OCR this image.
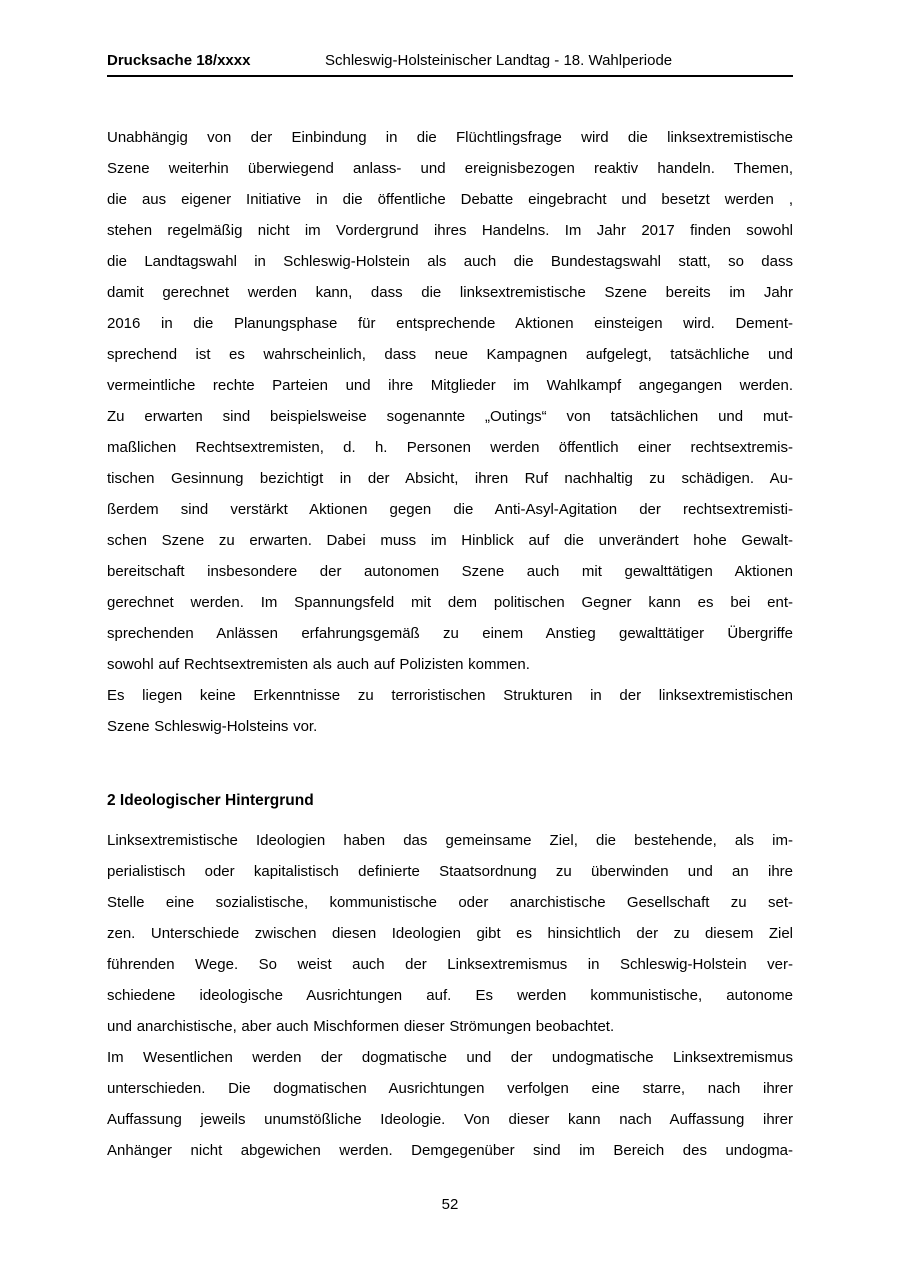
Drucksache 18/xxxx	Schleswig-Holsteinischer Landtag - 18. Wahlperiode
Unabhängig von der Einbindung in die Flüchtlingsfrage wird die linksextremistische
Szene weiterhin überwiegend anlass- und ereignisbezogen reaktiv handeln. Themen,
die aus eigener Initiative in die öffentliche Debatte eingebracht und besetzt werden ,
stehen regelmäßig nicht im Vordergrund ihres Handelns. Im Jahr 2017 finden sowohl
die Landtagswahl in Schleswig-Holstein als auch die Bundestagswahl statt, so dass
damit gerechnet werden kann, dass die linksextremistische Szene bereits im Jahr
2016 in die Planungsphase für entsprechende Aktionen einsteigen wird. Dement-
sprechend ist es wahrscheinlich, dass neue Kampagnen aufgelegt, tatsächliche und
vermeintliche rechte Parteien und ihre Mitglieder im Wahlkampf angegangen werden.
Zu erwarten sind beispielsweise sogenannte „Outings“ von tatsächlichen und mut-
maßlichen Rechtsextremisten, d. h. Personen werden öffentlich einer rechtsextremis-
tischen Gesinnung bezichtigt in der Absicht, ihren Ruf nachhaltig zu schädigen. Au-
ßerdem sind verstärkt Aktionen gegen die Anti-Asyl-Agitation der rechtsextremisti-
schen Szene zu erwarten. Dabei muss im Hinblick auf die unverändert hohe Gewalt-
bereitschaft insbesondere der autonomen Szene auch mit gewalttätigen Aktionen
gerechnet werden. Im Spannungsfeld mit dem politischen Gegner kann es bei ent-
sprechenden Anlässen erfahrungsgemäß zu einem Anstieg gewalttätiger Übergriffe
sowohl auf Rechtsextremisten als auch auf Polizisten kommen.
Es liegen keine Erkenntnisse zu terroristischen Strukturen in der linksextremistischen
Szene Schleswig-Holsteins vor.
2 Ideologischer Hintergrund
Linksextremistische Ideologien haben das gemeinsame Ziel, die bestehende, als im-
perialistisch oder kapitalistisch definierte Staatsordnung zu überwinden und an ihre
Stelle eine sozialistische, kommunistische oder anarchistische Gesellschaft zu set-
zen. Unterschiede zwischen diesen Ideologien gibt es hinsichtlich der zu diesem Ziel
führenden Wege. So weist auch der Linksextremismus in Schleswig-Holstein ver-
schiedene ideologische Ausrichtungen auf. Es werden kommunistische, autonome
und anarchistische, aber auch Mischformen dieser Strömungen beobachtet.
Im Wesentlichen werden der dogmatische und der undogmatische Linksextremismus
unterschieden. Die dogmatischen Ausrichtungen verfolgen eine starre, nach ihrer
Auffassung jeweils unumstößliche Ideologie. Von dieser kann nach Auffassung ihrer
Anhänger nicht abgewichen werden. Demgegenüber sind im Bereich des undogma-
52
